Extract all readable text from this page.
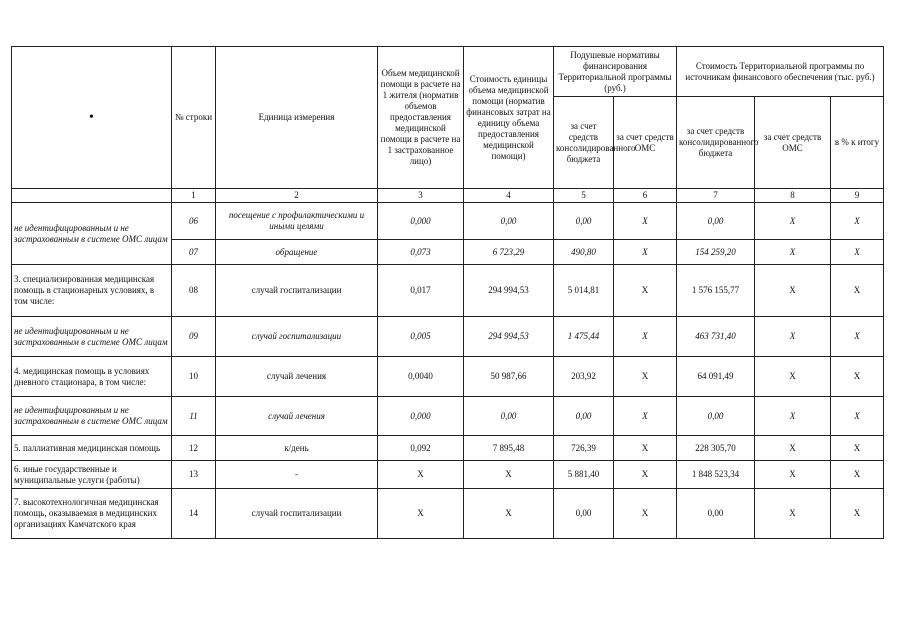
•	№ строки	Единица измерения	Объем медицинской помощи в расчете на 1 жителя (норматив объемов предоставления медицинской помощи в расчете на 1 застрахованное лицо)	Стоимость единицы объема медицинской помощи (норматив финансовых затрат на единицу объема предоставления медицинской помощи)	Подушевые нормативы финансирования Территориальной программы (руб.)		Стоимость Территориальной программы по источникам финансового обеспечения (тыс. руб.)		
					за счет средств консолидированного бюджета	за счет средств ОМС	за счет средств консолидированного бюджета	за счет средств ОМС	в % к итогу
	1	2	3	4	5	6	7	8	9
не идентифицированным и не застрахованным в системе ОМС лицам	06	посещение с профилактическими и иными целями	0,000	0,00	0,00	X	0,00	X	X
	07	обращение	0,073	6 723,29	490,80	X	154 259,20	X	X
3. специализированная медицинская помощь в стационарных условиях, в том числе:	08	случай госпитализации	0,017	294 994,53	5 014,81	X	1 576 155,77	X	X
не идентифицированным и не застрахованным в системе ОМС лицам	09	случай госпитализации	0,005	294 994,53	1 475,44	X	463 731,40	X	X
4. медицинская помощь в условиях дневного стационара, в том числе:	10	случай лечения	0,0040	50 987,66	203,92	X	64 091,49	X	X
не идентифицированным и не застрахованным в системе ОМС лицам	11	случай лечения	0,000	0,00	0,00	X	0,00	X	X
5. паллиативная медицинская помощь	12	к/день	0,092	7 895,48	726,39	X	228 305,70	X	X
6. иные государственные и муниципальные услуги (работы)	13	-	X	X	5 881,40	X	1 848 523,34	X	X
7. высокотехнологичная медицинская помощь, оказываемая в медицинских организациях Камчатского края	14	случай госпитализации	X	X	0,00	X	0,00	X	X
